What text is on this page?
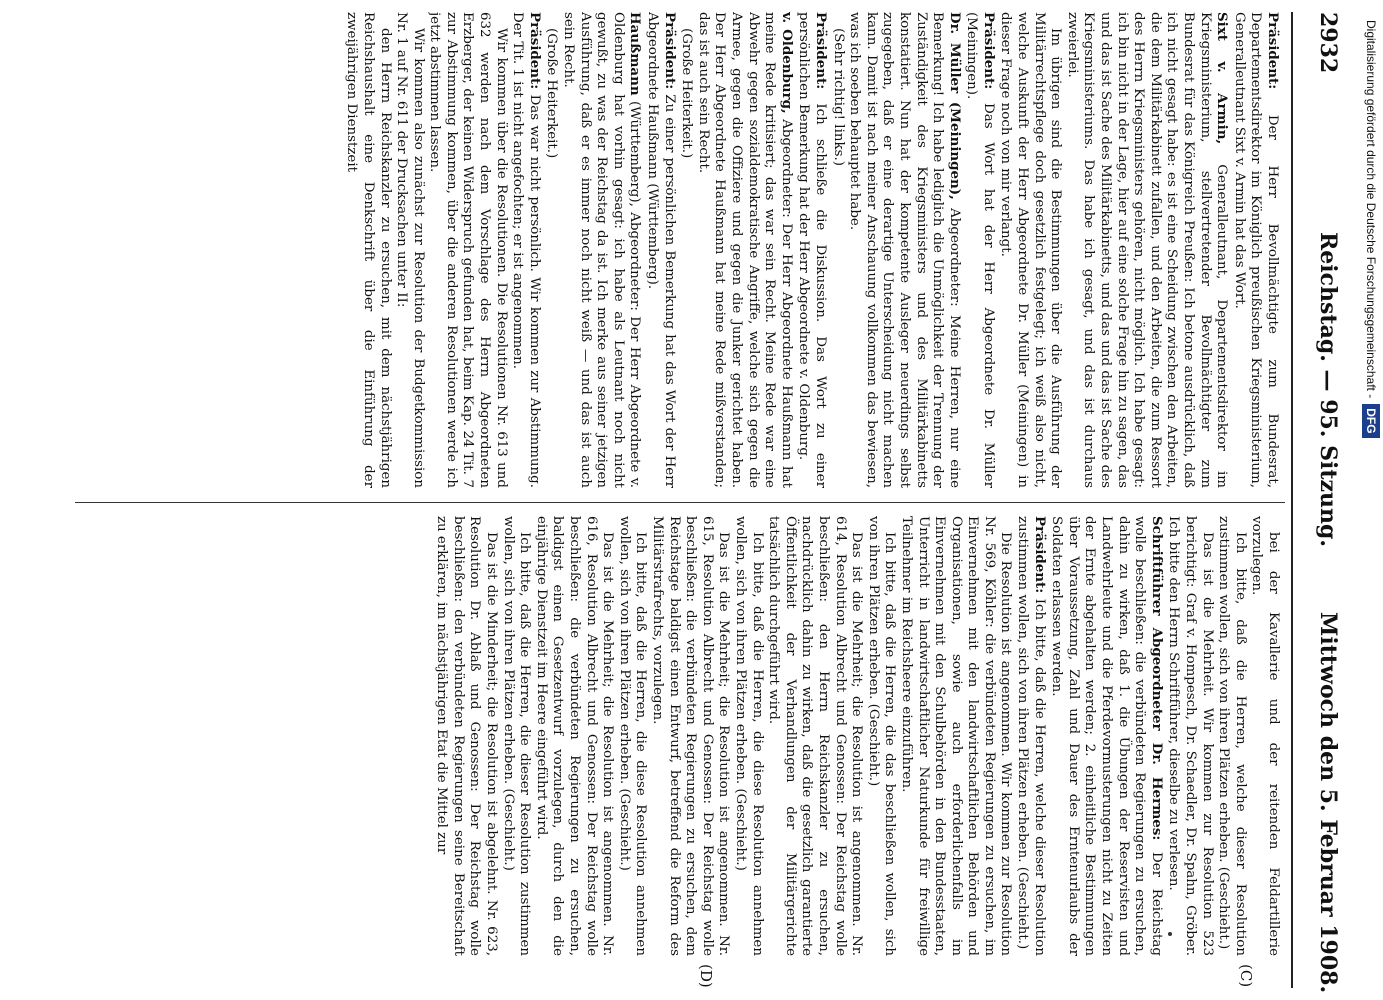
2932
Reichstag. — 95. Sitzung.
Mittwoch den 5. Februar 1908.
(C)
(D)

Präsident: Der Herr Bevollmächtigte zum Bundesrat, Departementsdirektor im Königlich preußischen Kriegsministerium, Generalleutnant Sixt v. Armin hat das Wort.

Sixt v. Armin, Generalleutnant, Departementsdirektor im Kriegsministerium, stellvertretender Bevollmächtigter zum Bundesrat für das Königreich Preußen: Ich betone ausdrücklich, daß ich nicht gesagt habe: es ist eine Scheidung zwischen den Arbeiten, die dem Militärkabinett zufallen, und den Arbeiten, die zum Ressort des Herrn Kriegsministers gehören, nicht möglich. Ich habe gesagt: ich bin nicht in der Lage, hier auf eine solche Frage hin zu sagen, das und das ist Sache des Militärkabinetts, und das und das ist Sache des Kriegsministeriums. Das habe ich gesagt, und das ist durchaus zweierlei.

Im übrigen sind die Bestimmungen über die Ausführung der Militärrechtspflege doch gesetzlich festgelegt; ich weiß also nicht, welche Auskunft der Herr Abgeordnete Dr. Müller (Meiningen) in dieser Frage noch von mir verlangt.

Präsident: Das Wort hat der Herr Abgeordnete Dr. Müller (Meiningen).

Dr. Müller (Meiningen), Abgeordneter: Meine Herren, nur eine Bemerkung! Ich habe lediglich die Unmöglichkeit der Trennung der Zuständigkeit des Kriegsministers und des Militärkabinetts konstatiert. Nun hat der kompetente Ausleger neuerdings selbst zugegeben, daß er eine derartige Unterscheidung nicht machen kann. Damit ist nach meiner Anschauung vollkommen das bewiesen, was ich soeben behauptet habe.

(Sehr richtig! links.)

Präsident: Ich schließe die Diskussion. Das Wort zu einer persönlichen Bemerkung hat der Herr Abgeordnete v. Oldenburg.

v. Oldenburg, Abgeordneter: Der Herr Abgeordnete Haußmann hat meine Rede kritisiert; das war sein Recht. Meine Rede war eine Abwehr gegen sozialdemokratische Angriffe, welche sich gegen die Armee, gegen die Offiziere und gegen die Junker gerichtet haben. Der Herr Abgeordnete Haußmann hat meine Rede mißverstanden; das ist auch sein Recht.

(Große Heiterkeit.)

Präsident: Zu einer persönlichen Bemerkung hat das Wort der Herr Abgeordnete Haußmann (Württemberg).

Haußmann (Württemberg), Abgeordneter: Der Herr Abgeordnete v. Oldenburg hat vorhin gesagt: ich habe als Leutnant noch nicht gewußt, zu was der Reichstag da ist. Ich merke aus seiner jetzigen Ausführung, daß er es immer noch nicht weiß — und das ist auch sein Recht.

(Große Heiterkeit.)

Präsident: Das war nicht persönlich. Wir kommen zur Abstimmung. Der Tit. 1 ist nicht angefochten; er ist angenommen.

Wir kommen über die Resolutionen. Die Resolutionen Nr. 613 und 632 werden nach dem Vorschlage des Herrn Abgeordneten Erzberger, der keinen Widerspruch gefunden hat, beim Kap. 24 Tit. 7 zur Abstimmung kommen, über die anderen Resolutionen werde ich jetzt abstimmen lassen.

Wir kommen also zunächst zur Resolution der Budgetkommission Nr. 1 auf Nr. 611 der Drucksachen unter II:

den Herrn Reichskanzler zu ersuchen, mit dem nächstjährigen Reichshaushalt eine Denkschrift über die Einführung der zweijährigen Dienstzeit

bei der Kavallerie und der reitenden Feldartillerie vorzulegen.

Ich bitte, daß die Herren, welche dieser Resolution zustimmen wollen, sich von ihren Plätzen erheben. (Geschieht.)

Das ist die Mehrheit. Wir kommen zur Resolution 523 berichtigt: Graf v. Hompesch, Dr. Schaedler, Dr. Spahn, Gröber. Ich bitte den Herrn Schriftführer, dieselbe zu verlesen.

Schriftführer Abgeordneter Dr. Hermes: Der Reichstag wolle beschließen: die verbündeten Regierungen zu ersuchen, dahin zu wirken, daß 1. die Übungen der Reservisten und Landwehrleute und die Pferdevormusterungen nicht zu Zeiten der Ernte abgehalten werden; 2. einheitliche Bestimmungen über Voraussetzung, Zahl und Dauer des Erntenurlaubs der Soldaten erlassen werden.

Präsident: Ich bitte, daß die Herren, welche dieser Resolution zustimmen wollen, sich von ihren Plätzen erheben. (Geschieht.)

Die Resolution ist angenommen. Wir kommen zur Resolution Nr. 569, Köhler: die verbündeten Regierungen zu ersuchen, im Einvernehmen mit den landwirtschaftlichen Behörden und Organisationen, sowie auch erforderlichenfalls im Einvernehmen mit den Schulbehörden in den Bundesstaaten, Unterricht in landwirtschaftlicher Naturkunde für freiwillige Teilnehmer im Reichsheere einzuführen.

Ich bitte, daß die Herren, die das beschließen wollen, sich von ihren Plätzen erheben. (Geschieht.)

Das ist die Mehrheit; die Resolution ist angenommen. Nr. 614, Resolution Albrecht und Genossen: Der Reichstag wolle beschließen: den Herrn Reichskanzler zu ersuchen, nachdrücklich dahin zu wirken, daß die gesetzlich garantierte Öffentlichkeit der Verhandlungen der Militärgerichte tatsächlich durchgeführt wird.

Ich bitte, daß die Herren, die diese Resolution annehmen wollen, sich von ihren Plätzen erheben. (Geschieht.)

Das ist die Mehrheit; die Resolution ist angenommen. Nr. 615, Resolution Albrecht und Genossen: Der Reichstag wolle beschließen: die verbündeten Regierungen zu ersuchen, dem Reichstage baldigst einen Entwurf, betreffend die Reform des Militärstrafrechts, vorzulegen.

Ich bitte, daß die Herren, die diese Resolution annehmen wollen, sich von ihren Plätzen erheben. (Geschieht.)

Das ist die Mehrheit; die Resolution ist angenommen. Nr. 616, Resolution Albrecht und Genossen: Der Reichstag wolle beschließen: die verbündeten Regierungen zu ersuchen, baldigst einen Gesetzentwurf vorzulegen, durch den die einjährige Dienstzeit im Heere eingeführt wird.

Ich bitte, daß die Herren, die dieser Resolution zustimmen wollen, sich von ihren Plätzen erheben. (Geschieht.)

Das ist die Minderheit; die Resolution ist abgelehnt. Nr. 623, Resolution Dr. Ablaß und Genossen: Der Reichstag wolle beschließen: den verbündeten Regierungen seine Bereitschaft zu erklären, im nächstjährigen Etat die Mittel zur

Digitalisierung gefördert durch die Deutsche Forschungsgemeinschaft -DFG
